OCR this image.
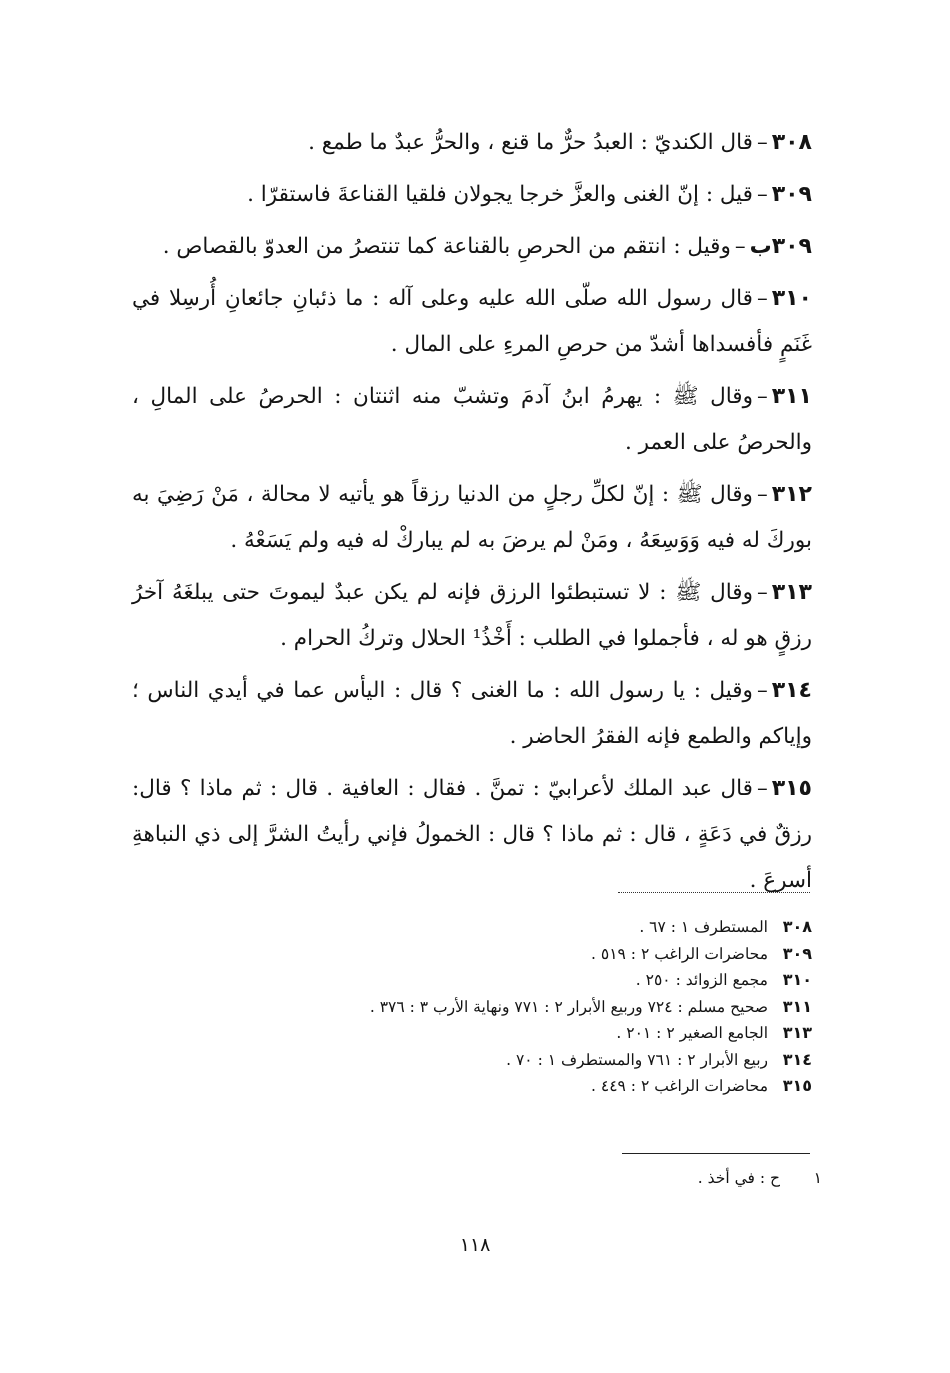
٣٠٨–قال الكنديّ : العبدُ حرٌّ ما قنع ، والحرُّ عبدٌ ما طمع .

٣٠٩–قيل : إنّ الغنى والعزَّ خرجا يجولان فلقيا القناعةَ فاستقرّا .

٣٠٩ب–وقيل : انتقم من الحرصِ بالقناعة كما تنتصرُ من العدوّ بالقصاص .

٣١٠–قال رسول الله صلّى الله عليه وعلى آله : ما ذئبانِ جائعانِ أُرسِلا في غَنَمٍ فأفسداها أشدّ من حرصِ المرءِ على المال .

٣١١–وقال ﷺ : يهرمُ ابنُ آدمَ وتشبّ منه اثنتان : الحرصُ على المالِ ، والحرصُ على العمر .

٣١٢–وقال ﷺ : إنّ لكلِّ رجلٍ من الدنيا رزقاً هو يأتيه لا محالة ، مَنْ رَضِيَ به بوركَ له فيه وَوَسِعَهُ ، ومَنْ لم يرضَ به لم يباركْ له فيه ولم يَسَعْهُ .

٣١٣–وقال ﷺ : لا تستبطئوا الرزق فإنه لم يكن عبدٌ ليموتَ حتى يبلغَهُ آخرُ رزقٍ هو له ، فأجملوا في الطلب : أَخْذُ¹ الحلال وتركُ الحرام .

٣١٤–وقيل : يا رسول الله : ما الغنى ؟ قال : اليأس عما في أيدي الناس ؛ وإياكم والطمع فإنه الفقرُ الحاضر .

٣١٥–قال عبد الملك لأعرابيّ : تمنَّ . فقال : العافية . قال : ثم ماذا ؟ قال: رزقٌ في دَعَةٍ ، قال : ثم ماذا ؟ قال : الخمولُ فإني رأيتُ الشرَّ إلى ذي النباهةِ أسرعَ .

٣٠٨المستطرف ١ : ٦٧ .
٣٠٩محاضرات الراغب ٢ : ٥١٩ .
٣١٠مجمع الزوائد : ٢٥٠ .
٣١١صحيح مسلم : ٧٢٤ وربيع الأبرار ٢ : ٧٧١ ونهاية الأرب ٣ : ٣٧٦ .
٣١٣الجامع الصغير ٢ : ٢٠١ .
٣١٤ربيع الأبرار ٢ : ٧٦١ والمستطرف ١ : ٧٠ .
٣١٥محاضرات الراغب ٢ : ٤٤٩ .
١ح : في أخذ .
١١٨
